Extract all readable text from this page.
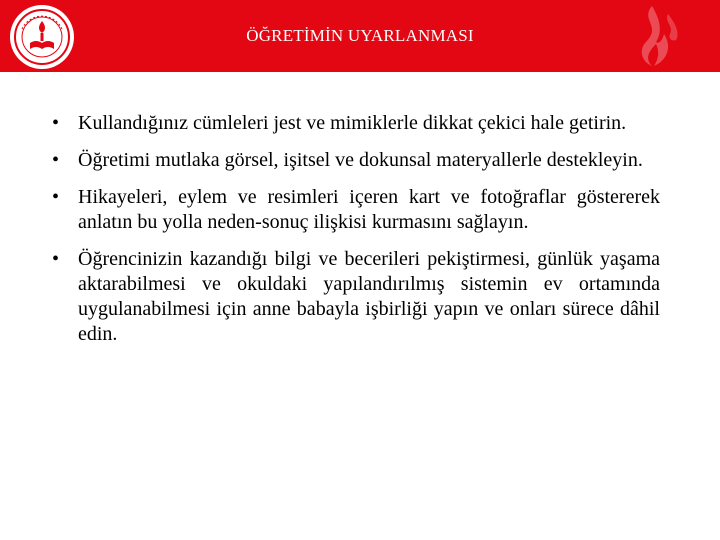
ÖĞRETİMİN UYARLANMASI
• Kullandığınız cümleleri jest ve mimiklerle dikkat çekici hale getirin.
• Öğretimi mutlaka görsel, işitsel ve dokunsal materyallerle destekleyin.
• Hikayeleri, eylem ve resimleri içeren kart ve fotoğraflar göstererek anlatın bu yolla neden-sonuç ilişkisi kurmasını sağlayın.
• Öğrencinizin kazandığı bilgi ve becerileri pekiştirmesi, günlük yaşama aktarabilmesi ve okuldaki yapılandırılmış sistemin ev ortamında uygulanabilmesi için anne babayla işbirliği yapın ve onları sürece dâhil edin.
